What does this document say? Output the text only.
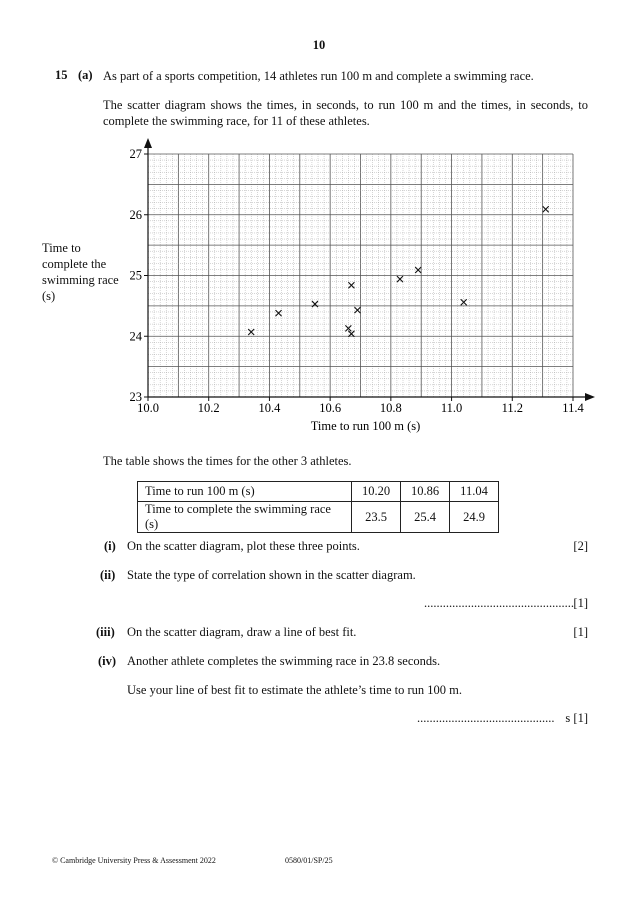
10
15 (a) As part of a sports competition, 14 athletes run 100 m and complete a swimming race.
The scatter diagram shows the times, in seconds, to run 100 m and the times, in seconds, to complete the swimming race, for 11 of these athletes.
Time to
complete the
swimming race
(s)
10.0	10.2	10.4	10.6	10.8	11.0	11.2	11.4
23
24
25
26
27
Time to run 100 m (s)
The table shows the times for the other 3 athletes.
Time to run 100 m (s)	10.20	10.86	11.04
Time to complete the swimming race (s)	23.5	25.4	24.9
(i) On the scatter diagram, plot these three points.	[2]
(ii) State the type of correlation shown in the scatter diagram.
................................................ [1]
(iii) On the scatter diagram, draw a line of best fit.	[1]
(iv) Another athlete completes the swimming race in 23.8 seconds.
Use your line of best fit to estimate the athlete’s time to run 100 m.
............................................ s [1]
© Cambridge University Press & Assessment 2022	0580/01/SP/25
